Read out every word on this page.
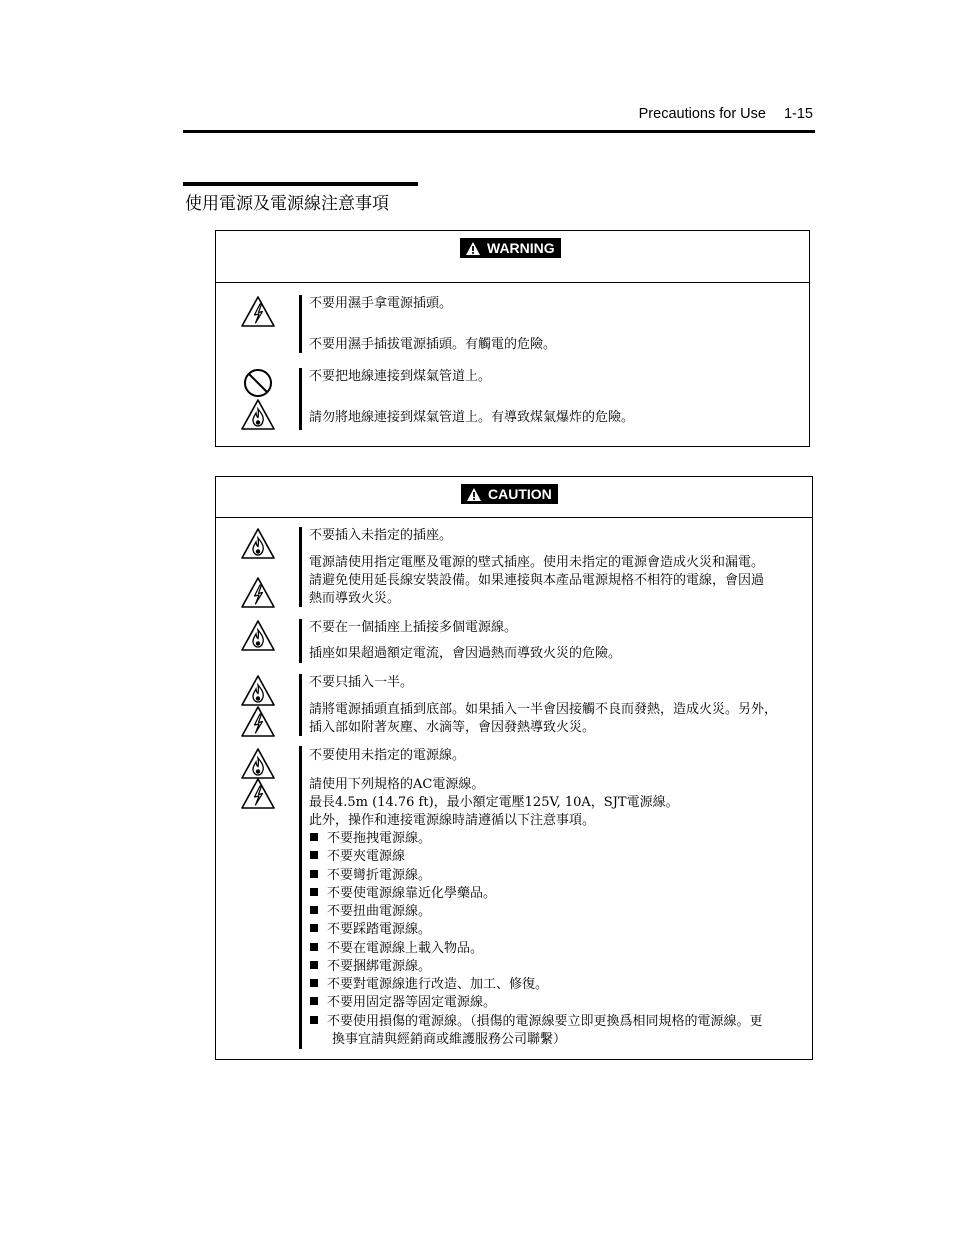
Precautions for Use 1-15
使用電源及電源線注意事項
WARNING
不要用濕手拿電源插頭。
不要用濕手插拔電源插頭。有觸電的危險。
不要把地線連接到煤氣管道上。
請勿將地線連接到煤氣管道上。有導致煤氣爆炸的危險。
CAUTION
不要插入未指定的插座。
電源請使用指定電壓及電源的壁式插座。使用未指定的電源會造成火災和漏電。
請避免使用延長線安裝設備。如果連接與本產品電源規格不相符的電線，會因過
熱而導致火災。
不要在一個插座上插接多個電源線。
插座如果超過額定電流，會因過熱而導致火災的危險。
不要只插入一半。
請將電源插頭直插到底部。如果插入一半會因接觸不良而發熱，造成火災。另外，
插入部如附著灰塵、水滴等，會因發熱導致火災。
不要使用未指定的電源線。
請使用下列規格的AC電源線。
最長4.5m (14.76 ft)，最小額定電壓125V, 10A，SJT電源線。
此外，操作和連接電源線時請遵循以下注意事項。
不要拖拽電源線。
不要夾電源線
不要彎折電源線。
不要使電源線靠近化學藥品。
不要扭曲電源線。
不要踩踏電源線。
不要在電源線上載入物品。
不要捆綁電源線。
不要對電源線進行改造、加工、修復。
不要用固定器等固定電源線。
不要使用損傷的電源線。（損傷的電源線要立即更換爲相同規格的電源線。更
換事宜請與經銷商或維護服務公司聯繫）
